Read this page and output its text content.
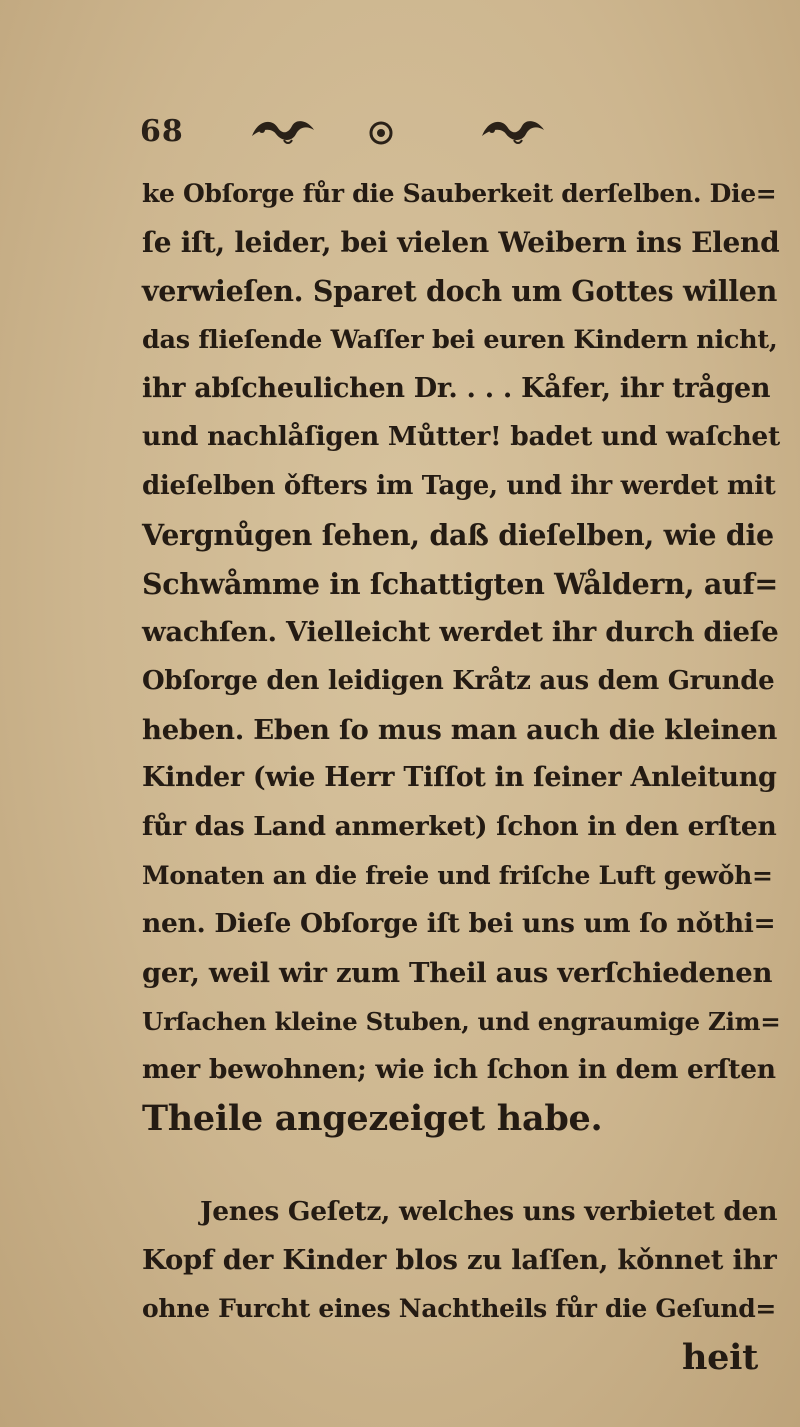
68
ke Obſorge fůr die Sauberkeit derſelben. Die=
ſe iſt, leider, bei vielen Weibern ins Elend
verwieſen. Sparet doch um Gottes willen
das flieſende Waſſer bei euren Kindern nicht,
ihr abſcheulichen Dr. . . . Kåfer, ihr trågen
und nachlåſigen Můtter! badet und waſchet
dieſelben ǒfters im Tage, und ihr werdet mit
Vergnůgen ſehen, daß dieſelben, wie die
Schwåmme in ſchattigten Wåldern, auf=
wachſen. Vielleicht werdet ihr durch dieſe
Obſorge den leidigen Kråtz aus dem Grunde
heben. Eben ſo mus man auch die kleinen
Kinder (wie Herr Tiſſot in ſeiner Anleitung
fůr das Land anmerket) ſchon in den erſten
Monaten an die freie und friſche Luft gewǒh=
nen. Dieſe Obſorge iſt bei uns um ſo nǒthi=
ger, weil wir zum Theil aus verſchiedenen
Urſachen kleine Stuben, und engraumige Zim=
mer bewohnen; wie ich ſchon in dem erſten
Theile angezeiget habe.
Jenes Geſetz, welches uns verbietet den
Kopf der Kinder blos zu laſſen, kǒnnet ihr
ohne Furcht eines Nachtheils fůr die Geſund=
heit
